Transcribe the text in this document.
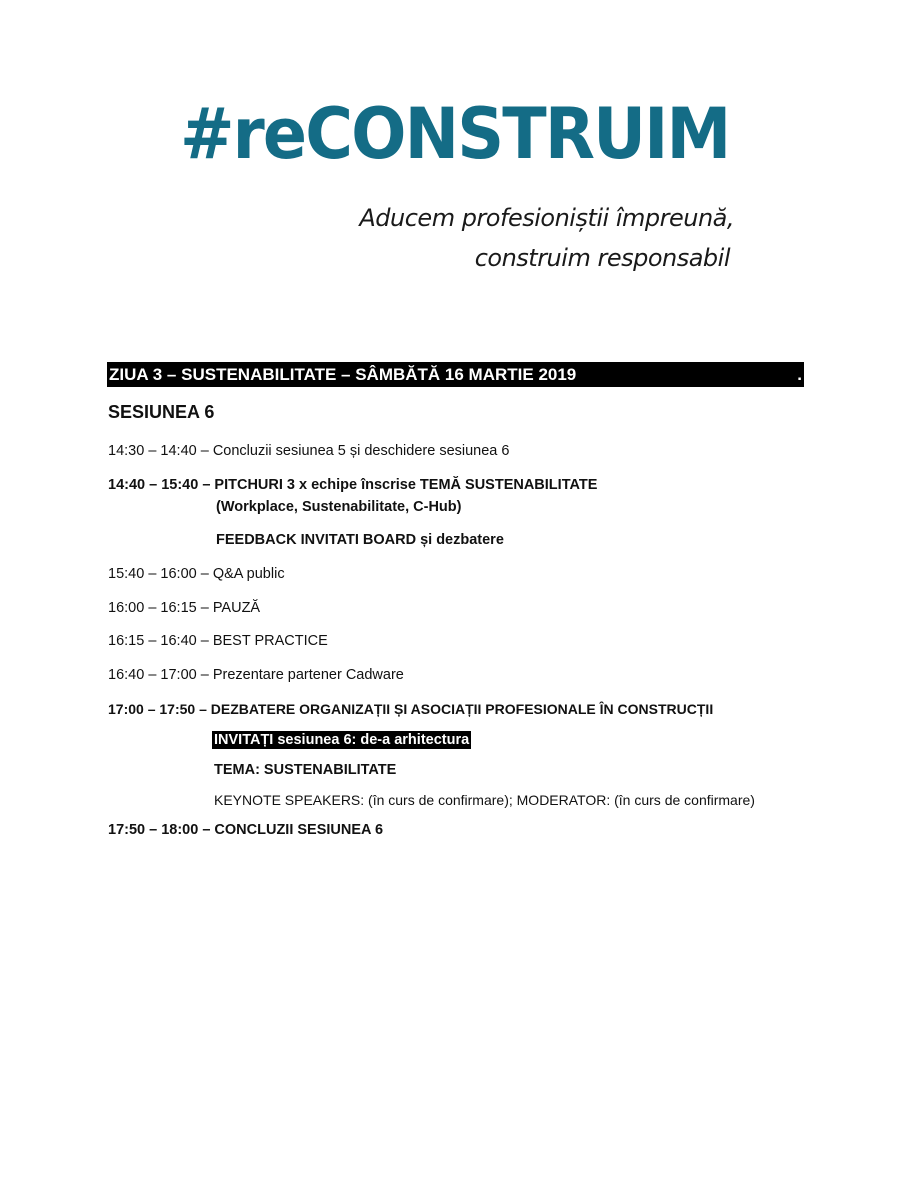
#reCONSTRUIM
Aducem profesioniștii împreună,
construim responsabil
ZIUA 3 – SUSTENABILITATE – SÂMBĂTĂ 16 MARTIE 2019	.
SESIUNEA 6
14:30 – 14:40 – Concluzii sesiunea 5 și deschidere sesiunea 6
14:40 – 15:40 – PITCHURI 3 x echipe înscrise TEMĂ SUSTENABILITATE
(Workplace, Sustenabilitate, C-Hub)
FEEDBACK INVITATI BOARD și dezbatere
15:40 – 16:00 – Q&A public
16:00 – 16:15 – PAUZĂ
16:15 – 16:40 – BEST PRACTICE
16:40 – 17:00 – Prezentare partener Cadware
17:00 – 17:50 – DEZBATERE ORGANIZAȚII ȘI ASOCIAȚII PROFESIONALE ÎN CONSTRUCȚII
INVITAȚI sesiunea 6: de-a arhitectura
TEMA: SUSTENABILITATE
KEYNOTE SPEAKERS: (în curs de confirmare); MODERATOR: (în curs de confirmare)
17:50 – 18:00 – CONCLUZII SESIUNEA 6
